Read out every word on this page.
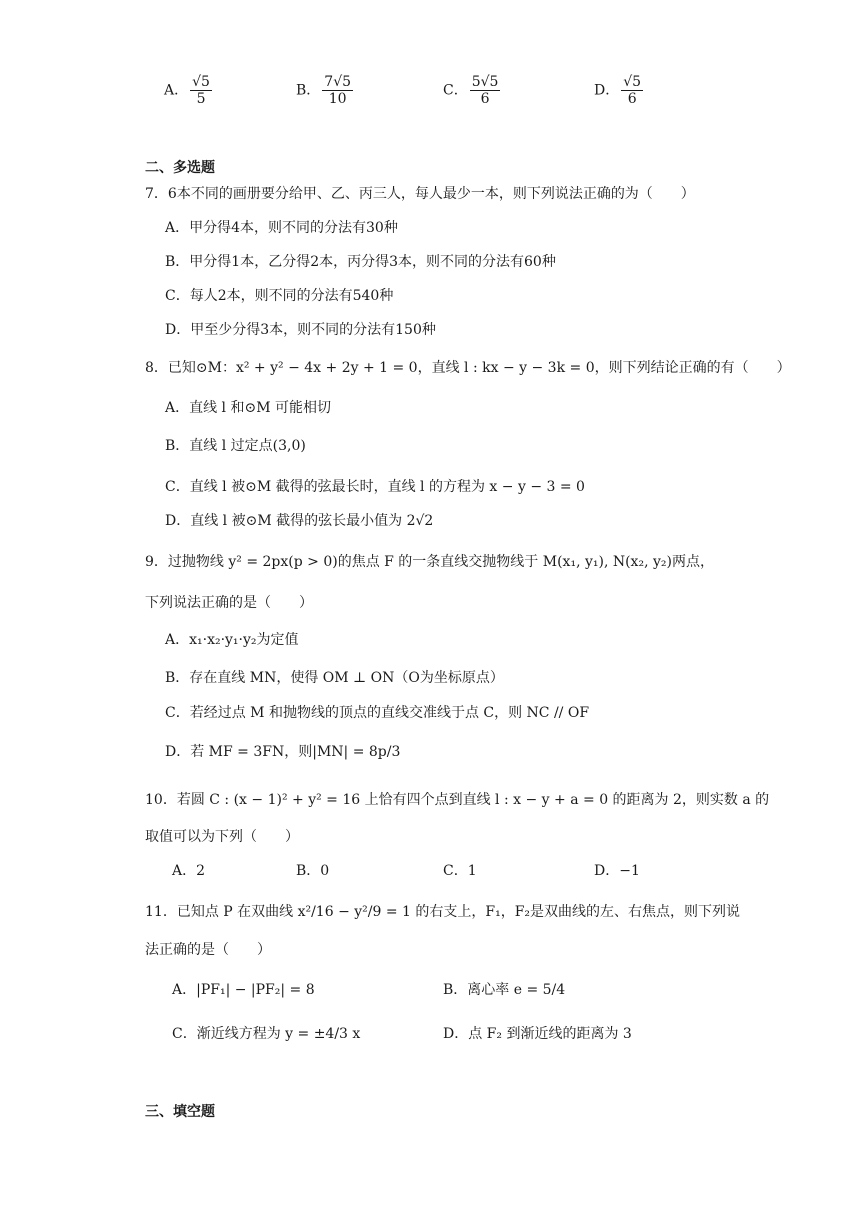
A． $\frac{√5}{5}$	B． $\frac{7√5}{10}$	C． $\frac{5√5}{6}$	D． $\frac{√5}{6}$
二、多选题
7．6本不同的画册要分给甲、乙、丙三人，每人最少一本，则下列说法正确的为（　　）
A．甲分得4本，则不同的分法有30种
B．甲分得1本，乙分得2本，丙分得3本，则不同的分法有60种
C．每人2本，则不同的分法有540种
D．甲至少分得3本，则不同的分法有150种
8．已知⊙M：x² + y² − 4x + 2y + 1 = 0，直线 l : kx − y − 3k = 0，则下列结论正确的有（　　）
A．直线 l 和⊙M 可能相切
B．直线 l 过定点(3,0)
C．直线 l 被⊙M 截得的弦最长时，直线 l 的方程为 x − y − 3 = 0
D．直线 l 被⊙M 截得的弦长最小值为 2√2
9．过抛物线 y² = 2px(p > 0)的焦点 F 的一条直线交抛物线于 M(x₁, y₁), N(x₂, y₂)两点，
下列说法正确的是（　　）
A．x₁·x₂·y₁·y₂为定值
B．存在直线 MN，使得 OM ⊥ ON（O为坐标原点）
C．若经过点 M 和抛物线的顶点的直线交准线于点 C，则 NC // OF
D．若 MF = 3FN，则|MN| = 8p/3
10．若圆 C : (x − 1)² + y² = 16 上恰有四个点到直线 l : x − y + a = 0 的距离为 2，则实数 a 的
取值可以为下列（　　）
A．2	B．0	C．1	D．−1
11．已知点 P 在双曲线 x²/16 − y²/9 = 1 的右支上，F₁，F₂是双曲线的左、右焦点，则下列说
法正确的是（　　）
A．|PF₁| − |PF₂| = 8	B．离心率 e = 5/4
C．渐近线方程为 y = ±4/3 x	D．点 F₂ 到渐近线的距离为 3
三、填空题
